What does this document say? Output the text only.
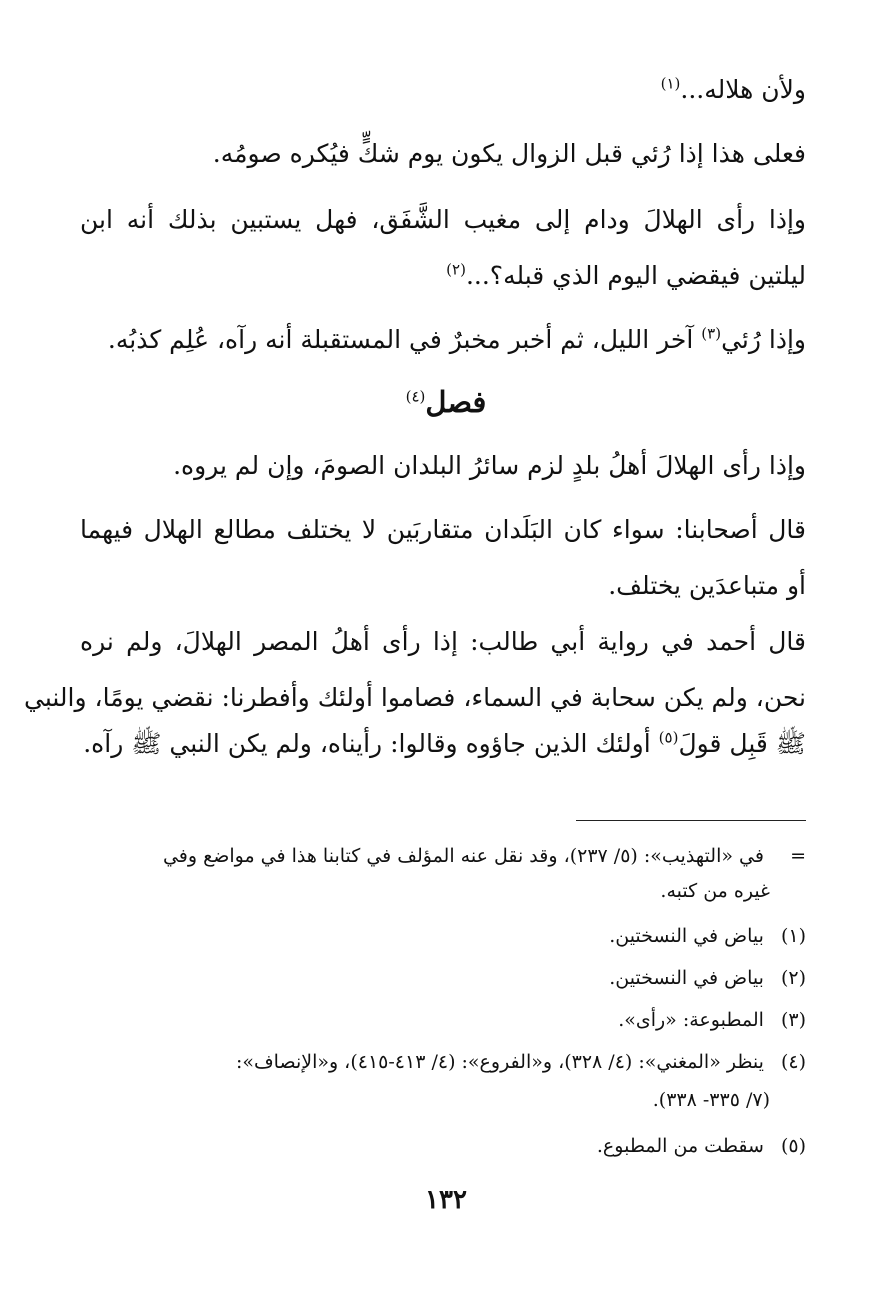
ولأن هلاله...$^{(١)}$
فعلى هذا إذا رُئي قبل الزوال يكون يوم شكٍّ فيُكره صومُه.
وإذا رأى الهلالَ ودام إلى مغيب الشَّفَق، فهل يستبين بذلك أنه ابن
ليلتين فيقضي اليوم الذي قبله؟...$^{(٢)}$
وإذا رُئي$^{(٣)}$ آخر الليل، ثم أخبر مخبرٌ في المستقبلة أنه رآه، عُلِم كذبُه.
فصل$^{(٤)}$
وإذا رأى الهلالَ أهلُ بلدٍ لزم سائرُ البلدان الصومَ، وإن لم يروه.
قال أصحابنا: سواء كان البَلَدان متقاربَين لا يختلف مطالع الهلال فيهما
أو متباعدَين يختلف.
قال أحمد في رواية أبي طالب: إذا رأى أهلُ المصر الهلالَ، ولم نره
نحن، ولم يكن سحابة في السماء، فصاموا أولئك وأفطرنا: نقضي يومًا، والنبي
ﷺ قَبِل قولَ$^{(٥)}$ أولئك الذين جاؤوه وقالوا: رأيناه، ولم يكن النبي ﷺ رآه.
= في «التهذيب»: (٥/ ٢٣٧)، وقد نقل عنه المؤلف في كتابنا هذا في مواضع وفي
غيره من كتبه.
(١) بياض في النسختين.
(٢) بياض في النسختين.
(٣) المطبوعة: «رأى».
(٤) ينظر «المغني»: (٤/ ٣٢٨)، و«الفروع»: (٤/ ٤١٣-٤١٥)، و«الإنصاف»:
(٧/ ٣٣٥- ٣٣٨).
(٥) سقطت من المطبوع.
١٣٢
